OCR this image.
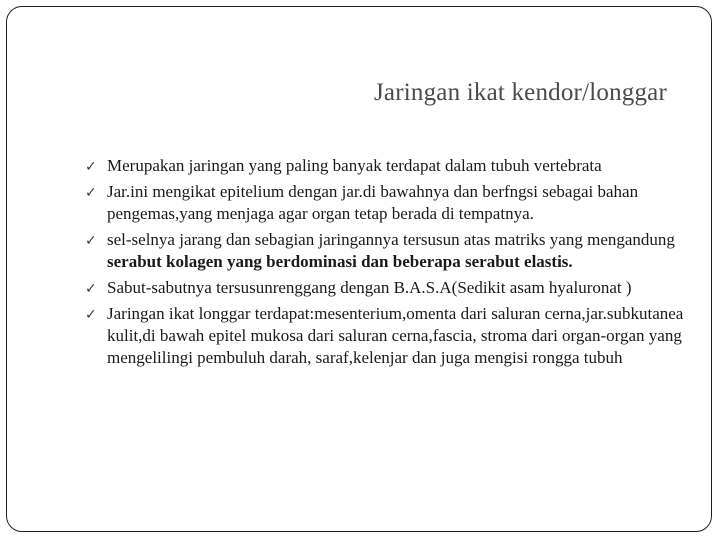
Jaringan ikat kendor/longgar
✓ Merupakan jaringan yang paling banyak terdapat dalam tubuh vertebrata
✓ Jar.ini mengikat epitelium dengan jar.di bawahnya dan berfngsi sebagai bahan pengemas,yang menjaga agar organ tetap berada di tempatnya.
✓ sel-selnya jarang dan sebagian jaringannya tersusun atas matriks yang mengandung serabut kolagen yang berdominasi dan beberapa serabut elastis.
✓ Sabut-sabutnya tersusunrenggang dengan B.A.S.A(Sedikit asam hyaluronat )
✓ Jaringan ikat longgar terdapat:mesenterium,omenta dari saluran cerna,jar.subkutanea kulit,di bawah epitel mukosa dari saluran cerna,fascia, stroma dari organ-organ yang mengelilingi pembuluh darah, saraf,kelenjar dan juga mengisi rongga tubuh
